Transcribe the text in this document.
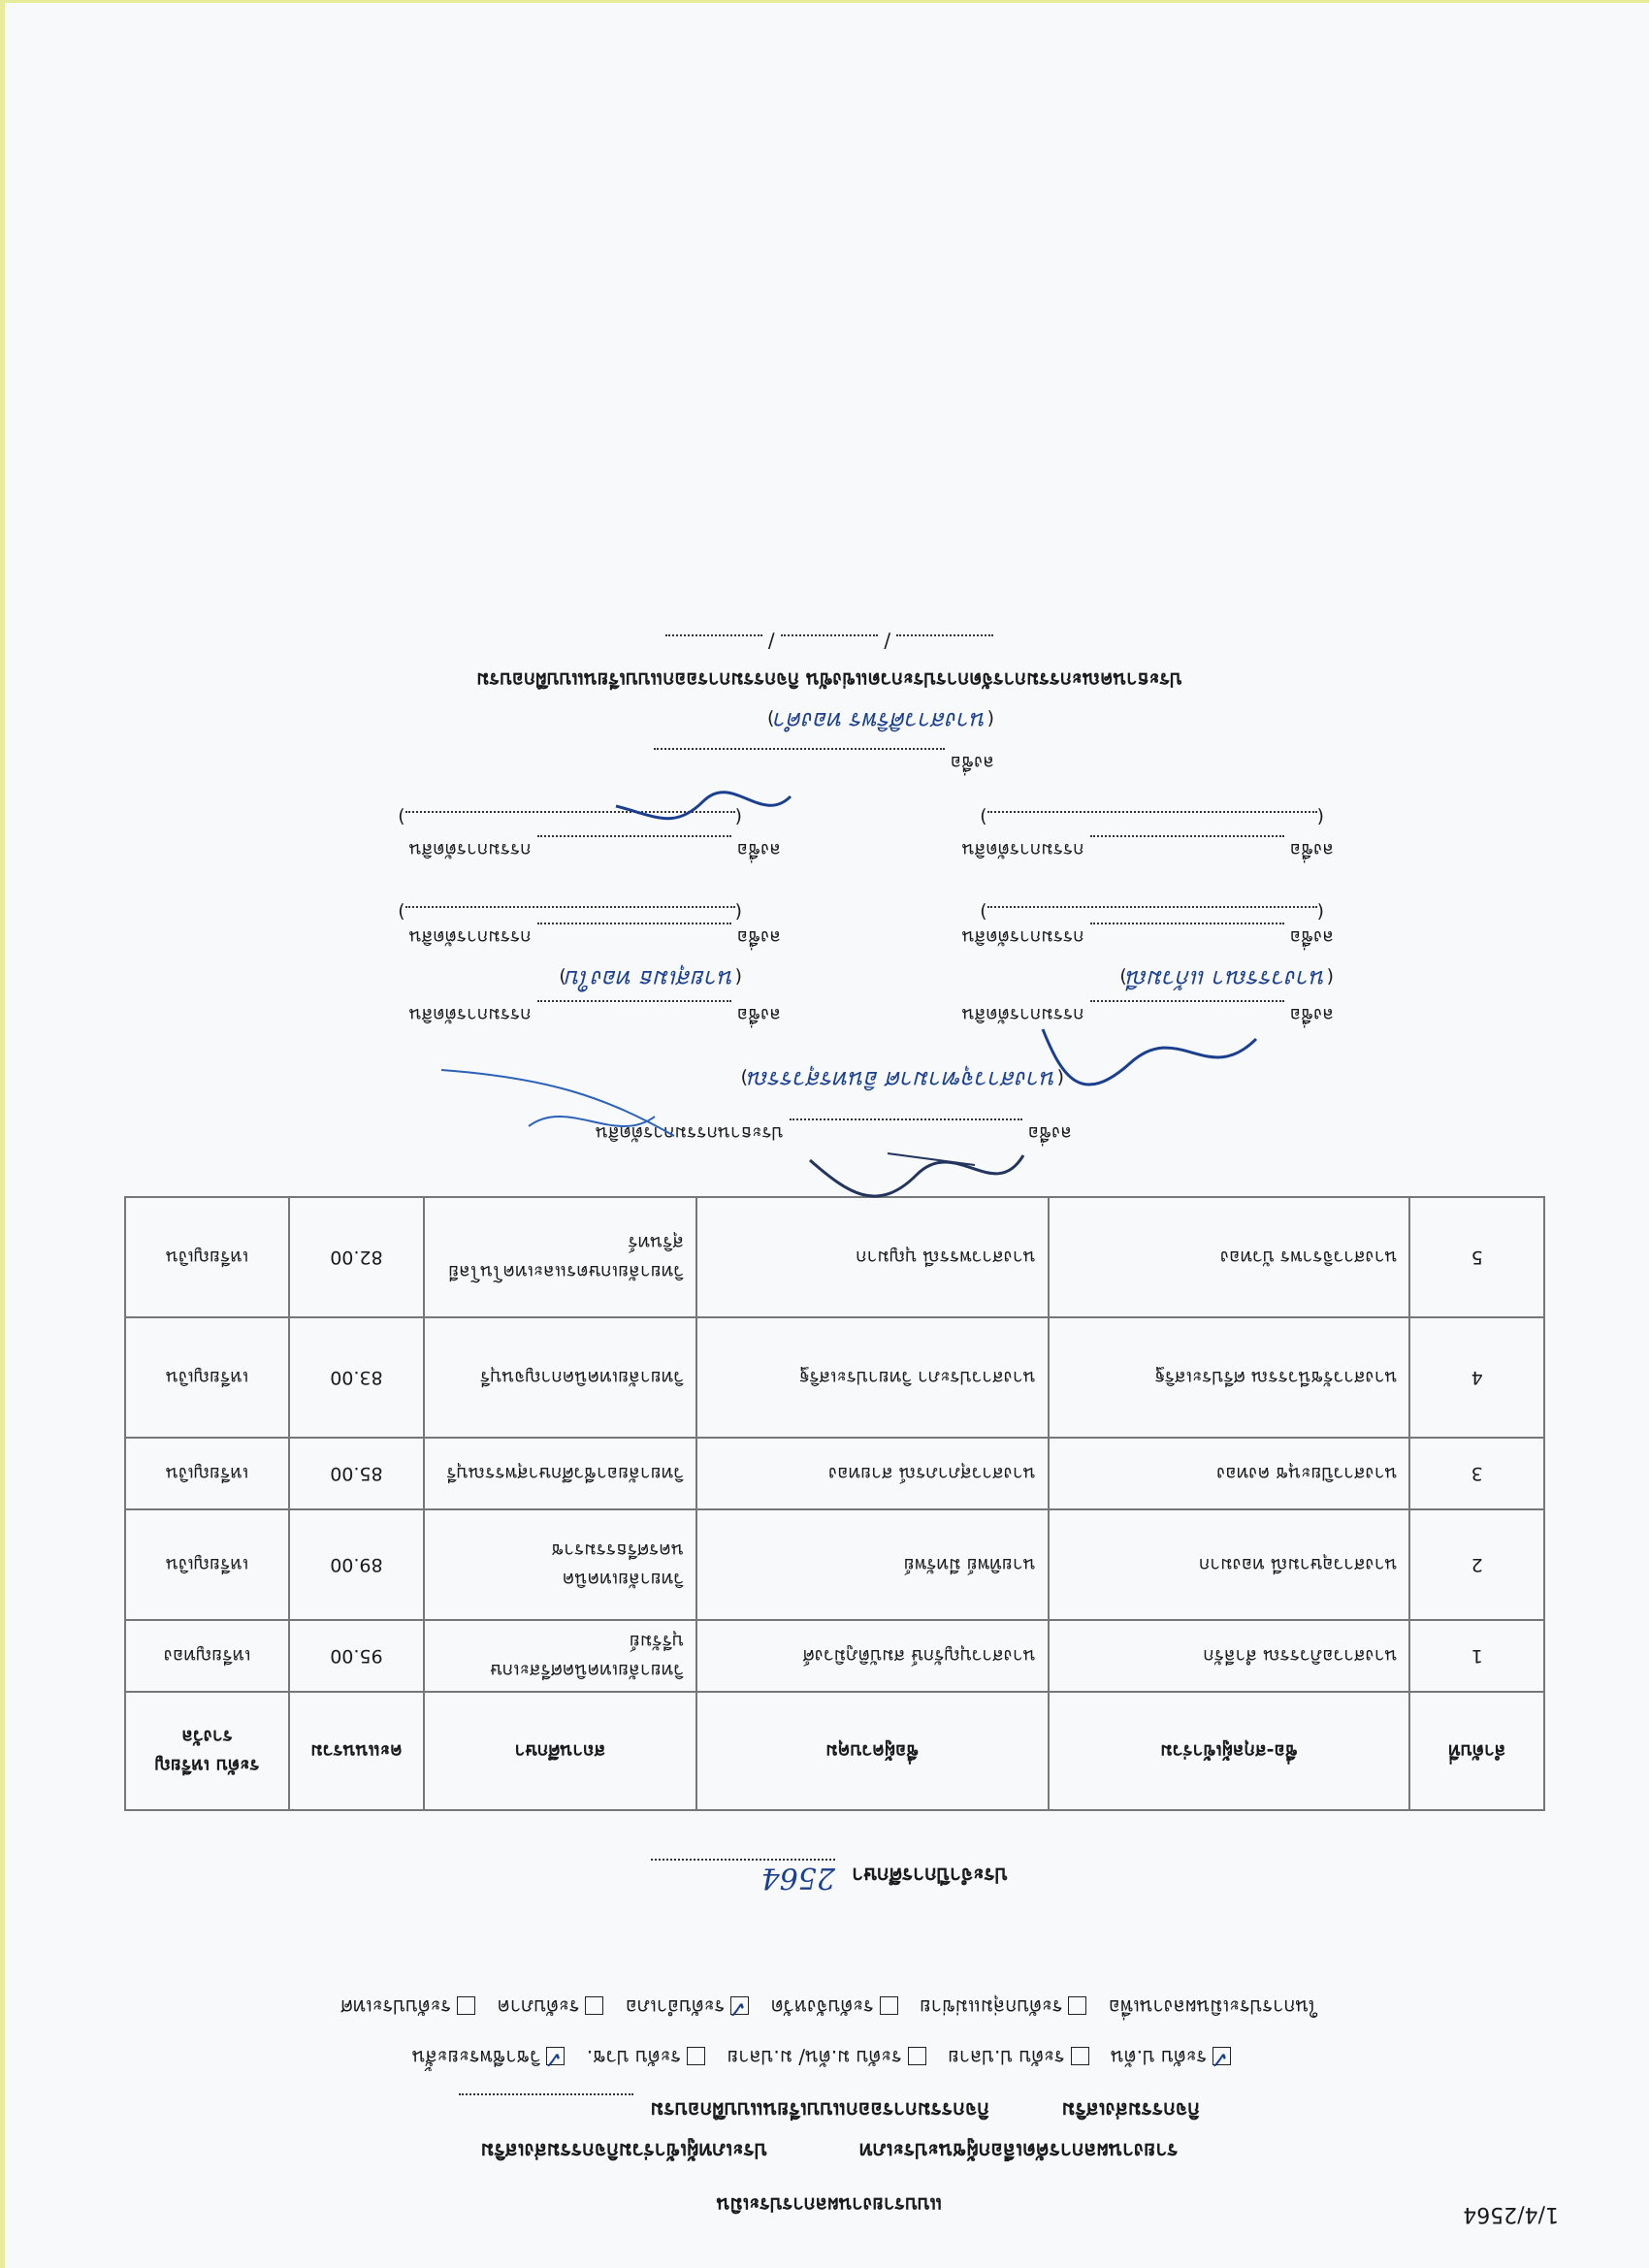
1/4/2564
แบบรายงานผลการประเมิน
รายงานผลการคัดเลือกผู้ชนะประเภท  ประเภทผู้เข้าร่วมกิจกรรมส่งเสริม
กิจกรรมส่งเสริม  กิจกรรมการออกแบบเรียนแบบฝึกอบรม
✓ระดับ ป.ต้น ระดับ ป.ปลาย ระดับ ม.ต้น/ ม.ปลาย ระดับ ปวช. ✓วิชาชีพระยะสั้น
ในการประเมินผลงานเพื่อ ระดับกลุ่มแม่ข่าย ระดับจังหวัด ✓ระดับอำเภอ ระดับภาค ระดับประเทศ
ประจำปีการศึกษา 2564
ลำดับที่	ชื่อ-สกุลผู้เข้าร่วม	ชื่อผู้ควบคุม	สถานศึกษา	คะแนนรวม	ระดับ เหรียญรางวัล
1	นางสาวอภิวรรณ สำลีรัก	นางสาวบุญรักษ์ สมบัติภูมิวงศ์	วิทยาลัยเทคนิคศรีสะเกษบุรีรัมย์	95.00	เหรียญทอง
2	นางสาวอุษามณี ทองมาก	นายทิพย์ มีทรัพย์	วิทยาลัยเทคนิคนครศรีธรรมราช	89.00	เหรียญเงิน
3	นางสาวปิยะนุช คงทอง	นางสาวสุภาภรณ์ สายทอง	วิทยาลัยอาชีวศึกษาสุพรรณบุรี	85.00	เหรียญเงิน
4	นางสาวรัชนีวรรณ ศรีประเสริฐ	นางสาวประภา วิทยาประเสริฐ	วิทยาลัยเทคนิคกาญจนบุรี	83.00	เหรียญเงิน
5	นางสาวจิราพร บัวทอง	นางสาวพรรณี บุญมาก	วิทยาลัยเกษตรและเทคโนโลยีสุรินทร์	82.00	เหรียญเงิน
ลงชื่อ  ประธานกรรมการตัดสิน
(นางสาวจุฑามาศ อินทรสุวรรณ)
ลงชื่อ  กรรมการตัดสิน
ลงชื่อ  กรรมการตัดสิน
(นางวรรณา แก้วมณี)
(นายสุเมธ ทองใบ)
ลงชื่อ  กรรมการตัดสิน
ลงชื่อ  กรรมการตัดสิน
()
()
ลงชื่อ  กรรมการตัดสิน
ลงชื่อ  กรรมการตัดสิน
()
()
ลงชื่อ
(นางสาวศิริพร ทองคำ)
ประธานคณะกรรมการจัดการประกวดแข่งขัน กิจกรรมการออกแบบเรียนแบบฝึกอบรม
/  /
